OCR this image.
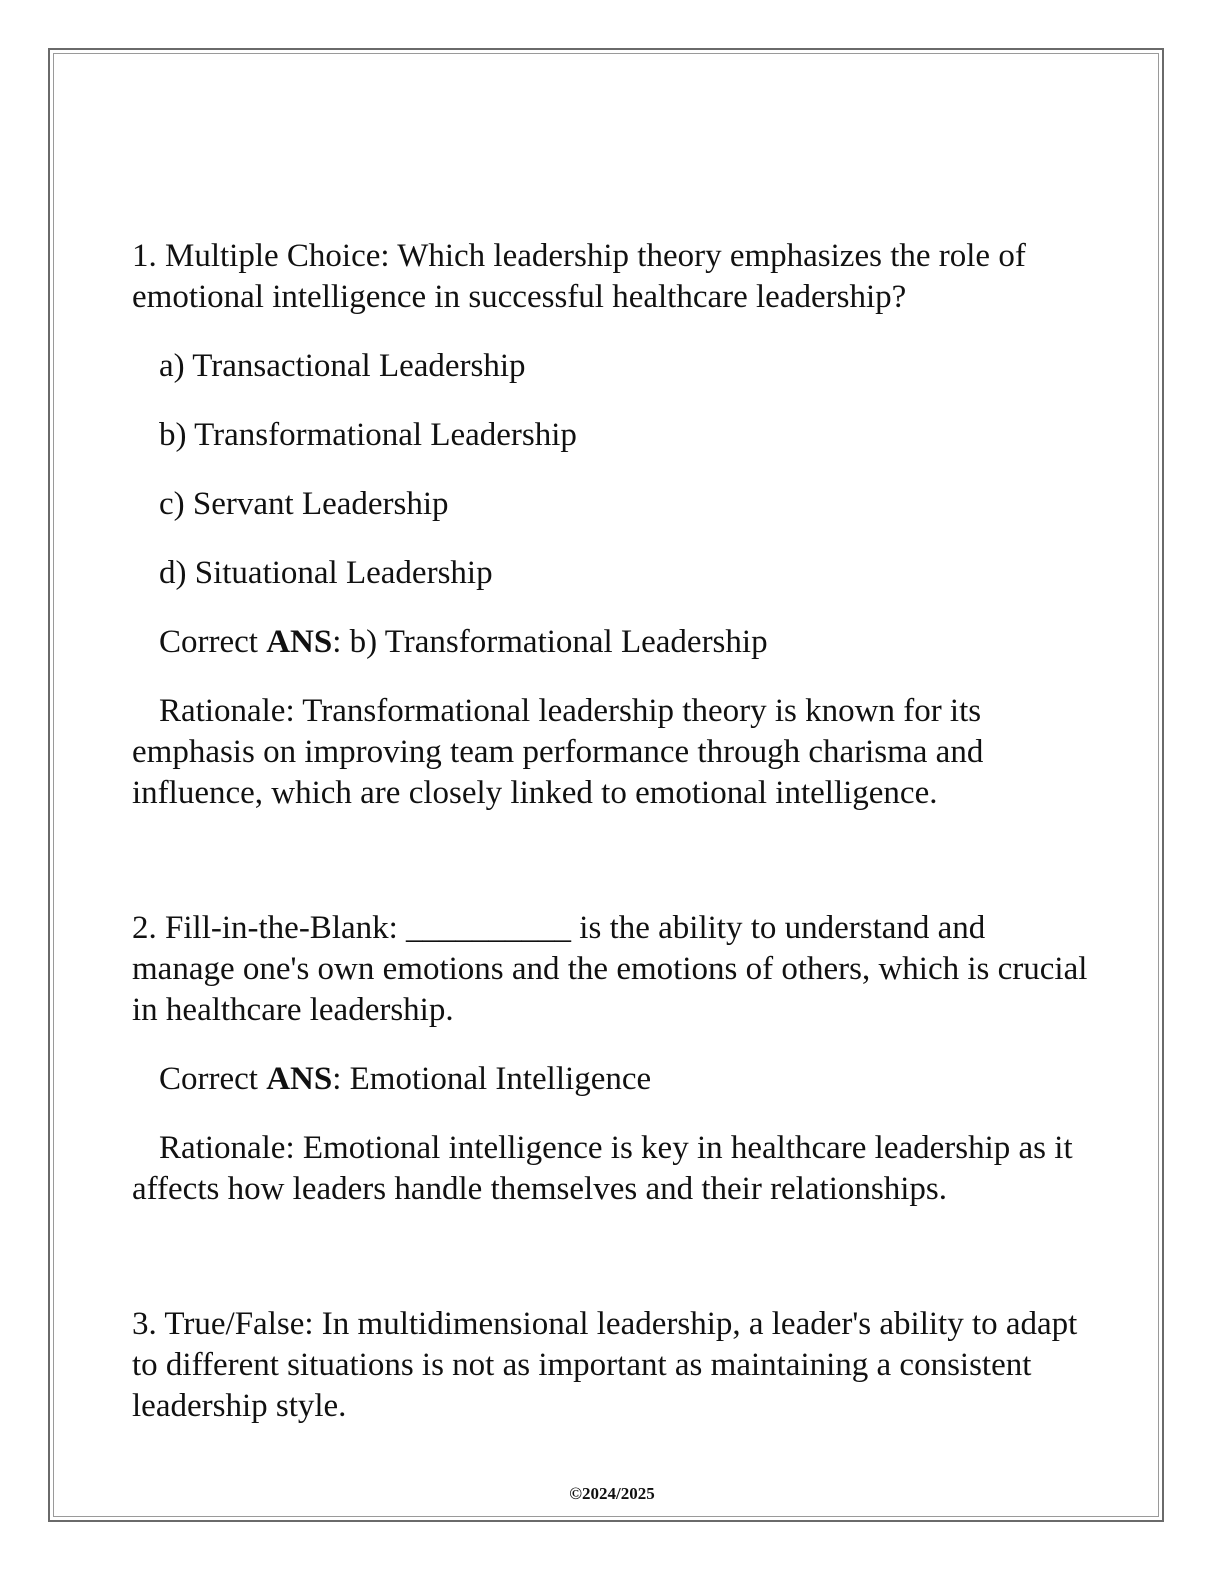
1. Multiple Choice: Which leadership theory emphasizes the role of emotional intelligence in successful healthcare leadership?

a) Transactional Leadership

b) Transformational Leadership

c) Servant Leadership

d) Situational Leadership

Correct ANS: b) Transformational Leadership

Rationale: Transformational leadership theory is known for its emphasis on improving team performance through charisma and influence, which are closely linked to emotional intelligence.

2. Fill-in-the-Blank: __________ is the ability to understand and manage one's own emotions and the emotions of others, which is crucial in healthcare leadership.

Correct ANS: Emotional Intelligence

Rationale: Emotional intelligence is key in healthcare leadership as it affects how leaders handle themselves and their relationships.

3. True/False: In multidimensional leadership, a leader's ability to adapt to different situations is not as important as maintaining a consistent leadership style.

©2024/2025
